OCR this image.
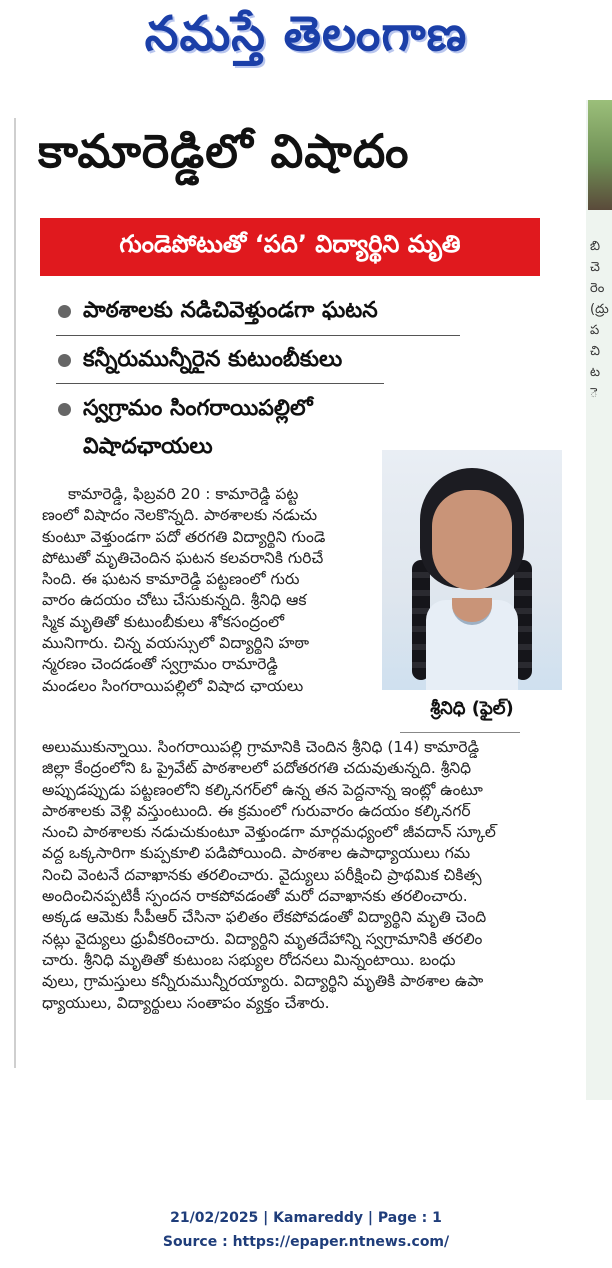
నమస్తే తెలంగాణ
బి
చె
రెం
(ద్రు
ప
చి
ట
ె
కామారెడ్డిలో విషాదం
గుండెపోటుతో ‘పది’ విద్యార్థిని మృతి
పాఠశాలకు నడిచివెళ్తుండగా ఘటన
కన్నీరుమున్నీరైన కుటుంబీకులు
స్వగ్రామం సింగరాయిపల్లిలో
విషాదఛాయలు
శ్రీనిధి (ఫైల్)
కామారెడ్డి, ఫిబ్రవరి 20 : కామారెడ్డి పట్ట
ణంలో విషాదం నెలకొన్నది. పాఠశాలకు నడుచు
కుంటూ వెళ్తుండగా పదో తరగతి విద్యార్థిని గుండె
పోటుతో మృతిచెందిన ఘటన కలవరానికి గురిచే
సింది. ఈ ఘటన కామారెడ్డి పట్టణంలో గురు
వారం ఉదయం చోటు చేసుకున్నది. శ్రీనిధి ఆక
స్మిక మృతితో కుటుంబీకులు శోకసంద్రంలో
మునిగారు. చిన్న వయస్సులో విద్యార్థిని హఠా
న్మరణం చెందడంతో స్వగ్రామం రామారెడ్డి
మండలం సింగరాయిపల్లిలో విషాద ఛాయలు
అలుముకున్నాయి. సింగరాయిపల్లి గ్రామానికి చెందిన శ్రీనిధి (14) కామారెడ్డి
జిల్లా కేంద్రంలోని ఓ ప్రైవేట్ పాఠశాలలో పదోతరగతి చదువుతున్నది. శ్రీనిధి
అప్పుడప్పుడు పట్టణంలోని కల్కినగర్‌లో ఉన్న తన పెద్దనాన్న ఇంట్లో ఉంటూ
పాఠశాలకు వెళ్లి వస్తుంటుంది. ఈ క్రమంలో గురువారం ఉదయం కల్కినగర్
నుంచి పాఠశాలకు నడుచుకుంటూ వెళ్తుండగా మార్గమధ్యంలో జీవదాన్ స్కూల్
వద్ద ఒక్కసారిగా కుప్పకూలి పడిపోయింది. పాఠశాల ఉపాధ్యాయులు గమ
నించి వెంటనే దవాఖానకు తరలించారు. వైద్యులు పరీక్షించి ప్రాథమిక చికిత్స
అందించినప్పటికీ స్పందన రాకపోవడంతో మరో దవాఖానకు తరలించారు.
అక్కడ ఆమెకు సీపీఆర్ చేసినా ఫలితం లేకపోవడంతో విద్యార్థిని మృతి చెంది
నట్లు వైద్యులు ధ్రువీకరించారు. విద్యార్థిని మృతదేహాన్ని స్వగ్రామానికి తరలిం
చారు. శ్రీనిధి మృతితో కుటుంబ సభ్యుల రోదనలు మిన్నంటాయి. బంధు
వులు, గ్రామస్తులు కన్నీరుమున్నీరయ్యారు. విద్యార్థిని మృతికి పాఠశాల ఉపా
ధ్యాయులు, విద్యార్థులు సంతాపం వ్యక్తం చేశారు.
21/02/2025 | Kamareddy | Page : 1
Source : https://epaper.ntnews.com/
